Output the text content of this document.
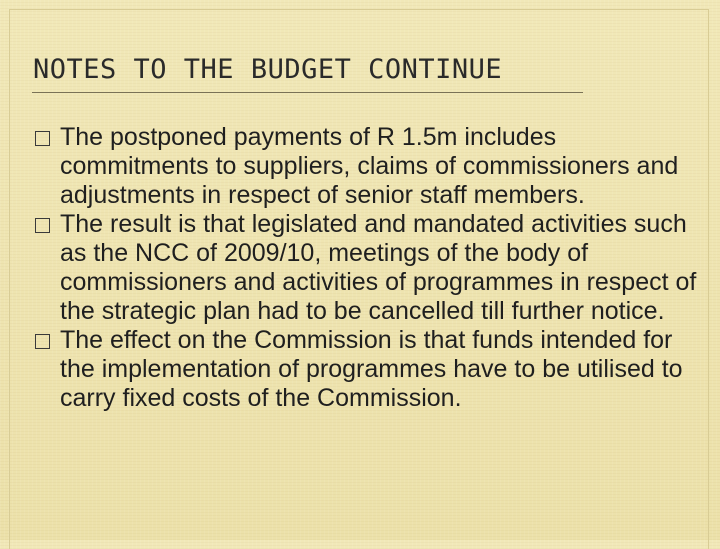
NOTES TO THE BUDGET CONTINUE
The postponed payments of R 1.5m includes commitments to suppliers, claims of commissioners and adjustments in respect of senior staff members.
The result is that legislated and mandated activities such as the NCC of 2009/10, meetings of the body of commissioners and activities of programmes in respect of the strategic plan had to be cancelled till further notice.
The effect on the Commission is that funds intended for the implementation of programmes have to be utilised to carry fixed costs of the Commission.
